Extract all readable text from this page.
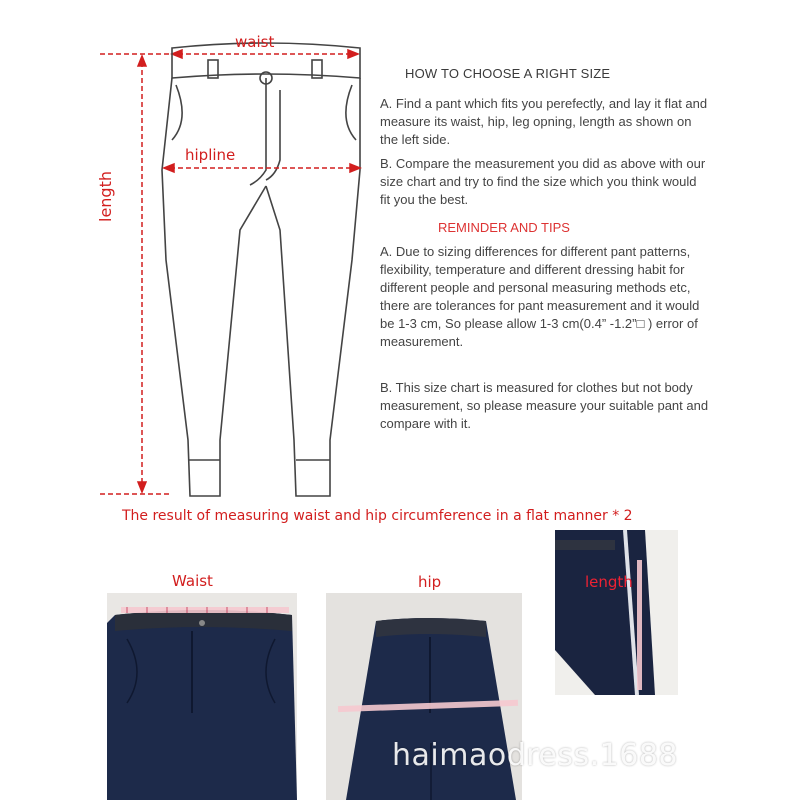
waist
hipline
length
HOW TO CHOOSE A RIGHT SIZE
A. Find a pant which fits you perefectly, and lay it flat and measure its waist, hip, leg opning, length as shown on the left side.
B. Compare the measurement you did as above with our size chart and try to find the size which you think would fit you the best.
REMINDER AND TIPS
A. Due to sizing differences for different pant patterns, flexibility, temperature and different dressing habit for different people and personal measuring methods etc, there are tolerances for pant measurement and it would be 1-3 cm, So please allow 1-3 cm(0.4” -1.2”□ ) error of measurement.
B. This size chart is measured for clothes but not body measurement, so please measure your suitable pant and compare with it.
The result of measuring waist and hip circumference in a flat manner * 2
Waist	hip	length
haimaodress.1688
